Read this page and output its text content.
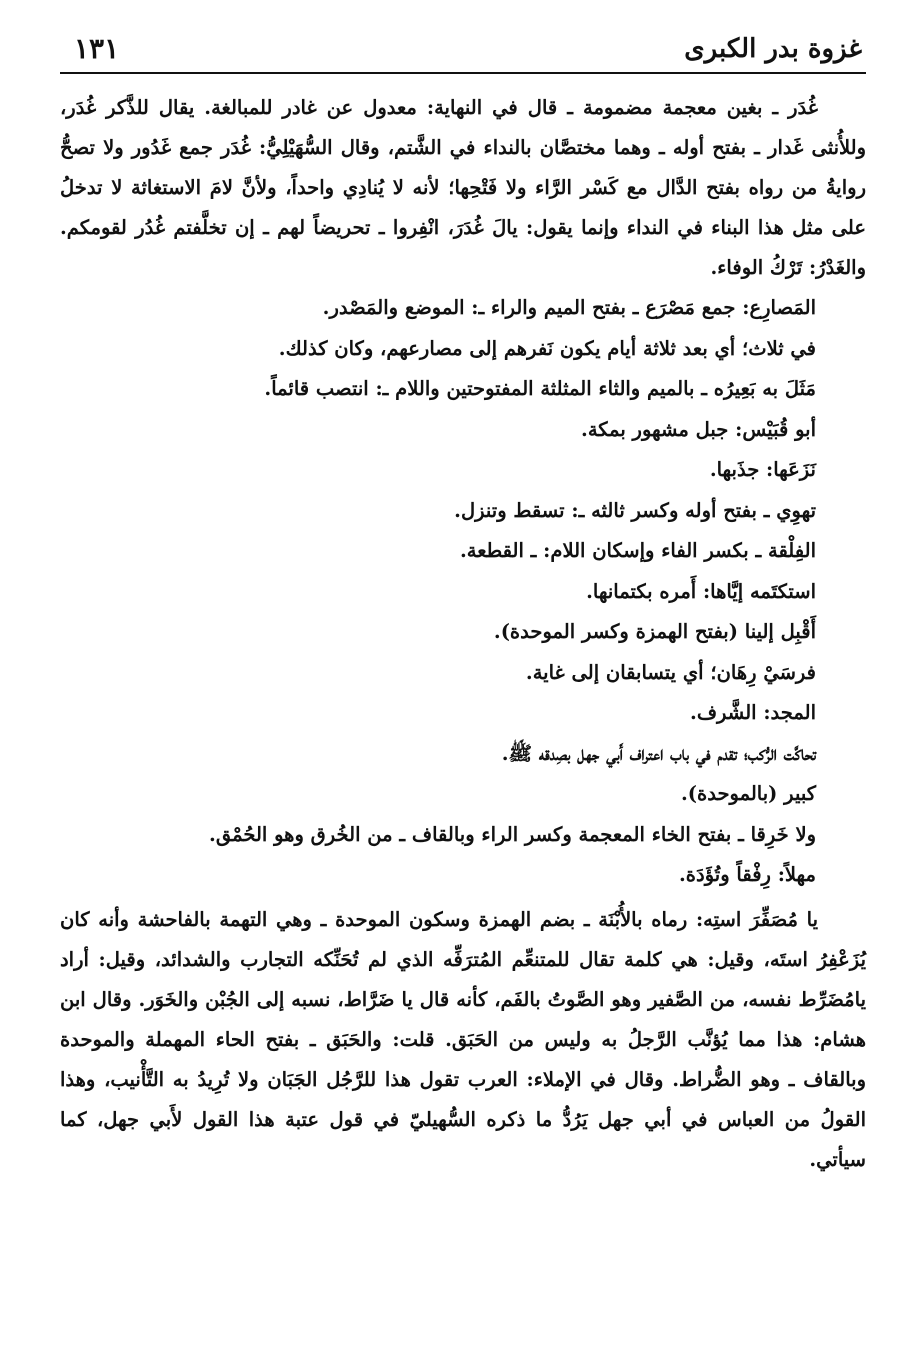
غزوة بدر الكبرى
١٣١

غُدَر ـ بغين معجمة مضمومة ـ قال في النهاية: معدول عن غادر للمبالغة. يقال للذَّكر غُدَر، وللأُنثى غَدار ـ بفتح أوله ـ وهما مختصَّان بالنداء في الشَّتم، وقال السُّهَيْلِيُّ: غُدَر جمع غَدُور ولا تصحُّ روايةُ من رواه بفتح الدَّال مع كَسْر الرَّاء ولا فَتْحِها؛ لأنه لا يُنادِي واحداً، ولأنَّ لامَ الاستغاثة لا تدخلُ على مثل هذا البناء في النداء وإنما يقول: يالَ غُدَرَ، انْفِروا ـ تحريضاً لهم ـ إن تخلَّفتم غُدُر لقومكم. والغَدْرُ: تَرْكُ الوفاء.

المَصارِع: جمع مَصْرَع ـ بفتح الميم والراء ـ: الموضع والمَصْدر.
في ثلاث؛ أي بعد ثلاثة أيام يكون نَفرهم إلى مصارعهم، وكان كذلك.
مَثَلَ به بَعِيرُه ـ بالميم والثاء المثلثة المفتوحتين واللام ـ: انتصب قائماً.
أبو قُبَيْس: جبل مشهور بمكة.
نَزَعَها: جذَبها.
تهوِي ـ بفتح أوله وكسر ثالثه ـ: تسقط وتنزل.
الفِلْقة ـ بكسر الفاء وإسكان اللام: ـ القطعة.
استكتَمه إيَّاها: أَمره بكتمانها.
أَقْبِل إلينا (بفتح الهمزة وكسر الموحدة).
فرسَيْ رِهَان؛ أي يتسابقان إلى غاية.
المجد: الشَّرف.
تحاكَّت الرُّكب؛ تقدم في باب اعتراف أَبي جهل بصِدقه ﷺ.
كبير (بالموحدة).
ولا خَرِقا ـ بفتح الخاء المعجمة وكسر الراء وبالقاف ـ من الخُرق وهو الحُمْق.
مهلاً: رِفْقاً وتُؤَدَة.

يا مُصَفِّرَ استِه: رماه بالأُبْنَة ـ بضم الهمزة وسكون الموحدة ـ وهي التهمة بالفاحشة وأنه كان يُزَعْفِرُ استَه، وقيل: هي كلمة تقال للمتنعِّم المُترَفِّه الذي لم تُحَنِّكه التجارب والشدائد، وقيل: أراد يامُضَرِّط نفسه، من الصَّفير وهو الصَّوتُ بالفَم، كأنه قال يا ضَرَّاط، نسبه إلى الجُبْن والخَوَر. وقال ابن هشام: هذا مما يُؤنَّب الرَّجلُ به وليس من الحَبَق. قلت: والحَبَق ـ بفتح الحاء المهملة والموحدة وبالقاف ـ وهو الضُّراط. وقال في الإملاء: العرب تقول هذا للرَّجُل الجَبَان ولا تُرِيدُ به التَّأْنيب، وهذا القولُ من العباس في أبي جهل يَرُدُّ ما ذكره السُّهيليّ في قول عتبة هذا القول لأَبي جهل، كما سيأتي.
